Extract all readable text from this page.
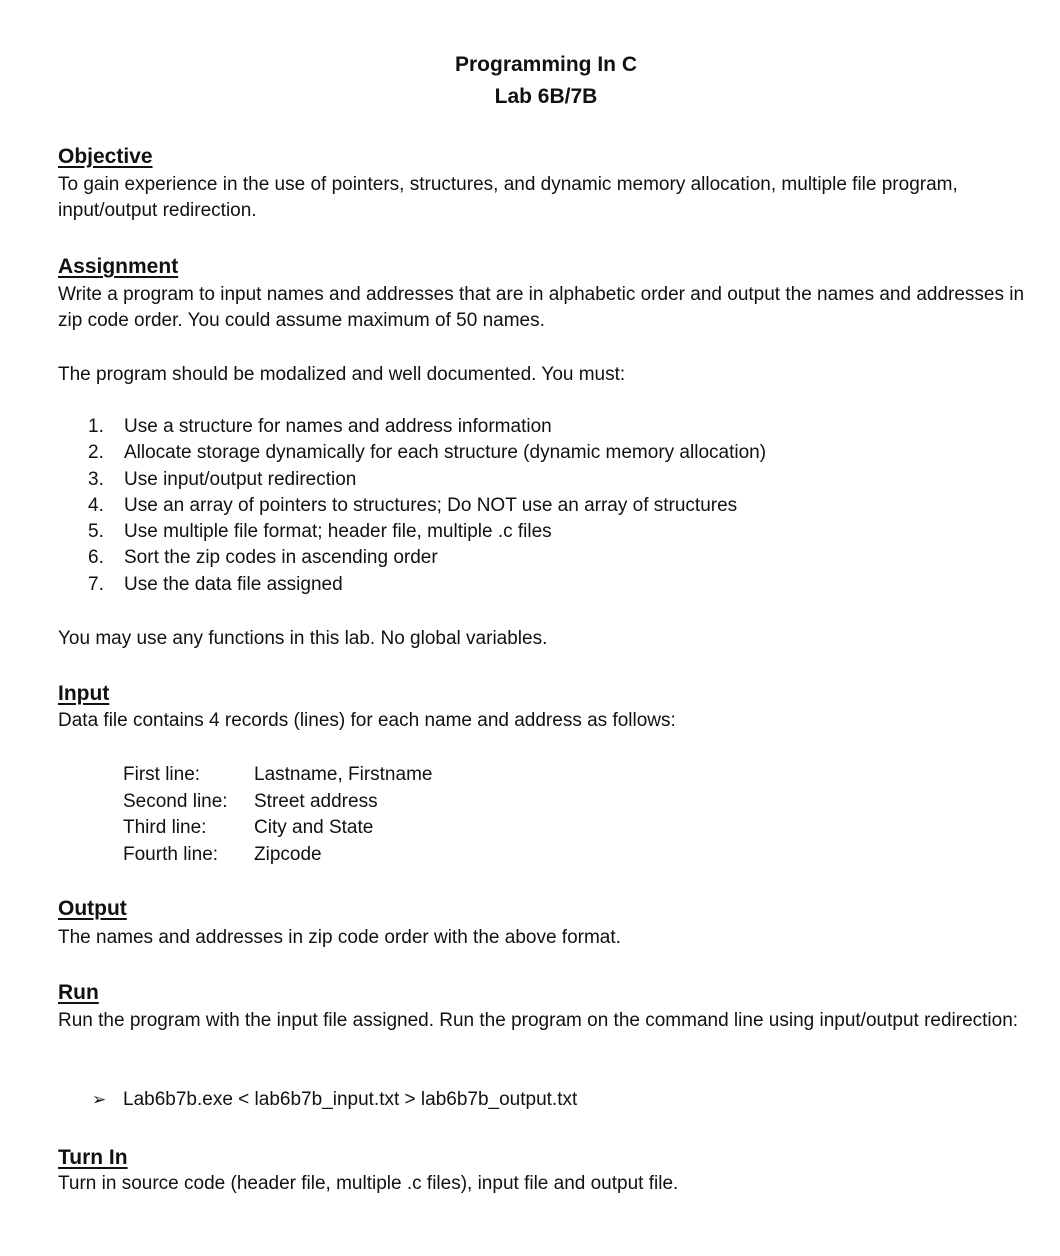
Programming In C
Lab 6B/7B
Objective
To gain experience in the use of pointers, structures, and dynamic memory allocation, multiple file program, input/output redirection.
Assignment
Write a program to input names and addresses that are in alphabetic order and output the names and addresses in zip code order. You could assume maximum of 50 names.
The program should be modalized and well documented. You must:
1.	Use a structure for names and address information
2.	Allocate storage dynamically for each structure (dynamic memory allocation)
3.	Use input/output redirection
4.	Use an array of pointers to structures; Do NOT use an array of structures
5.	Use multiple file format; header file, multiple .c files
6.	Sort the zip codes in ascending order
7.	Use the data file assigned
You may use any functions in this lab. No global variables.
Input
Data file contains 4 records (lines) for each name and address as follows:
First line:	Lastname, Firstname
Second line: Street address
Third line:	City and State
Fourth line: Zipcode
Output
The names and addresses in zip code order with the above format.
Run
Run the program with the input file assigned. Run the program on the command line using input/output redirection:
➢ Lab6b7b.exe < lab6b7b_input.txt > lab6b7b_output.txt
Turn In
Turn in source code (header file, multiple .c files), input file and output file.
